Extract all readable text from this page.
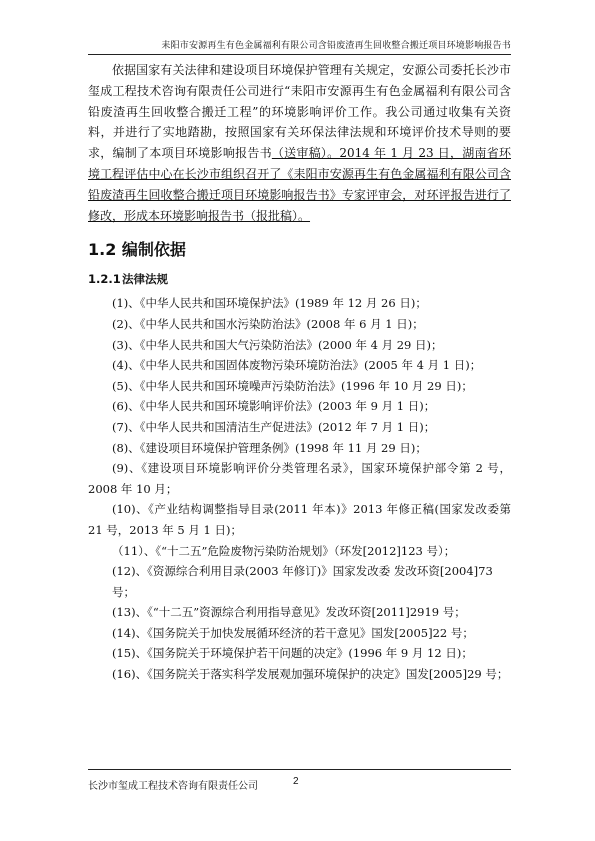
耒阳市安源再生有色金属福利有限公司含铅废渣再生回收整合搬迁项目环境影响报告书

依据国家有关法律和建设项目环境保护管理有关规定，安源公司委托长沙市玺成工程技术咨询有限责任公司进行“耒阳市安源再生有色金属福利有限公司含铅废渣再生回收整合搬迁工程”的环境影响评价工作。我公司通过收集有关资料，并进行了实地踏勘，按照国家有关环保法律法规和环境评价技术导则的要求，编制了本项目环境影响报告书（送审稿）。2014 年 1 月 23 日，湖南省环境工程评估中心在长沙市组织召开了《耒阳市安源再生有色金属福利有限公司含铅废渣再生回收整合搬迁项目环境影响报告书》专家评审会，对环评报告进行了修改，形成本环境影响报告书（报批稿）。

1.2 编制依据
1.2.1 法律法规

(1)、《中华人民共和国环境保护法》(1989 年 12 月 26 日)；

(2)、《中华人民共和国水污染防治法》(2008 年 6 月 1 日)；

(3)、《中华人民共和国大气污染防治法》(2000 年 4 月 29 日)；

(4)、《中华人民共和国固体废物污染环境防治法》(2005 年 4 月 1 日)；

(5)、《中华人民共和国环境噪声污染防治法》(1996 年 10 月 29 日)；

(6)、《中华人民共和国环境影响评价法》(2003 年 9 月 1 日)；

(7)、《中华人民共和国清洁生产促进法》(2012 年 7 月 1 日)；

(8)、《建设项目环境保护管理条例》(1998 年 11 月 29 日)；

(9)、《建设项目环境影响评价分类管理名录》，国家环境保护部令第 2 号，2008 年 10 月；

(10)、《产业结构调整指导目录(2011 年本)》2013 年修正稿(国家发改委第 21 号，2013 年 5 月 1 日)；

（11）、《“十二五”危险废物污染防治规划》（环发[2012]123 号）；

(12)、《资源综合利用目录(2003 年修订)》国家发改委 发改环资[2004]73 号；

(13)、《“十二五”资源综合利用指导意见》发改环资[2011]2919 号；

(14)、《国务院关于加快发展循环经济的若干意见》国发[2005]22 号；

(15)、《国务院关于环境保护若干问题的决定》(1996 年 9 月 12 日)；

(16)、《国务院关于落实科学发展观加强环境保护的决定》国发[2005]29 号；

长沙市玺成工程技术咨询有限责任公司	2
